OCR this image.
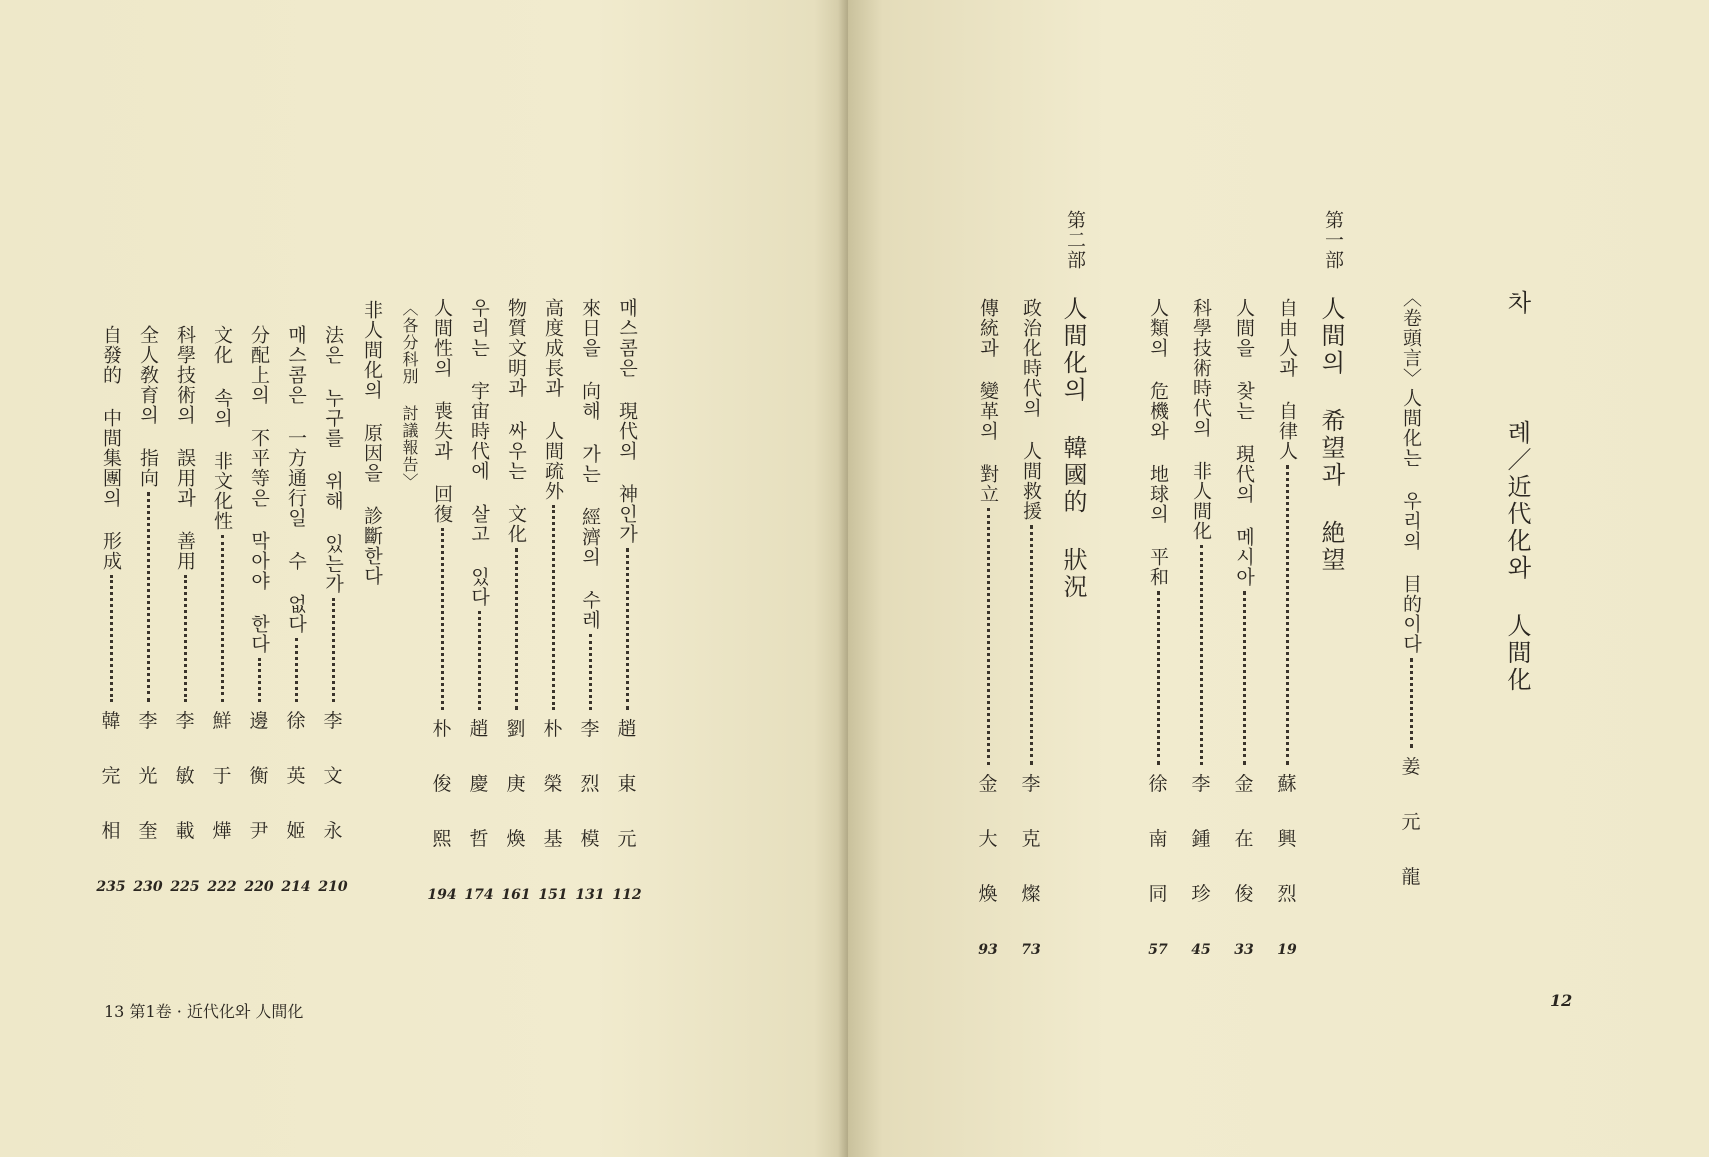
매스콤은 現代의 神인가
趙
東
元
112
來日을 向해 가는 經濟의 수레
李
烈
模
131
高度成長과 人間疏外
朴
榮
基
151
物質文明과 싸우는 文化
劉
庚
煥
161
우리는 宇宙時代에 살고 있다
趙
慶
哲
174
人間性의 喪失과 回復
朴
俊
熙
194
〈各分科別 討議報告〉
非人間化의 原因을 診斷한다
法은 누구를 위해 있는가
李
文
永
210
매스콤은 一方通行일 수 없다
徐
英
姬
214
分配上의 不平等은 막아야 한다
邊
衡
尹
220
文化 속의 非文化性
鮮
于
燁
222
科學技術의 誤用과 善用
李
敏
載
225
全人敎育의 指向
李
光
奎
230
自發的 中間集團의 形成
韓
完
相
235
13 第1卷 · 近代化와 人間化
차
례／近代化와 人間化
〈卷頭言〉人間化는 우리의 目的이다
姜
元
龍
第一部
人間의 希望과 絶望
自由人과 自律人
蘇
興
烈
19
人間을 찾는 現代의 메시아
金
在
俊
33
科學技術時代의 非人間化
李
鍾
珍
45
人類의 危機와 地球의 平和
徐
南
同
57
第二部
人間化의 韓國的 狀況
政治化時代의 人間救援
李
克
燦
73
傳統과 變革의 對立
金
大
煥
93
12
